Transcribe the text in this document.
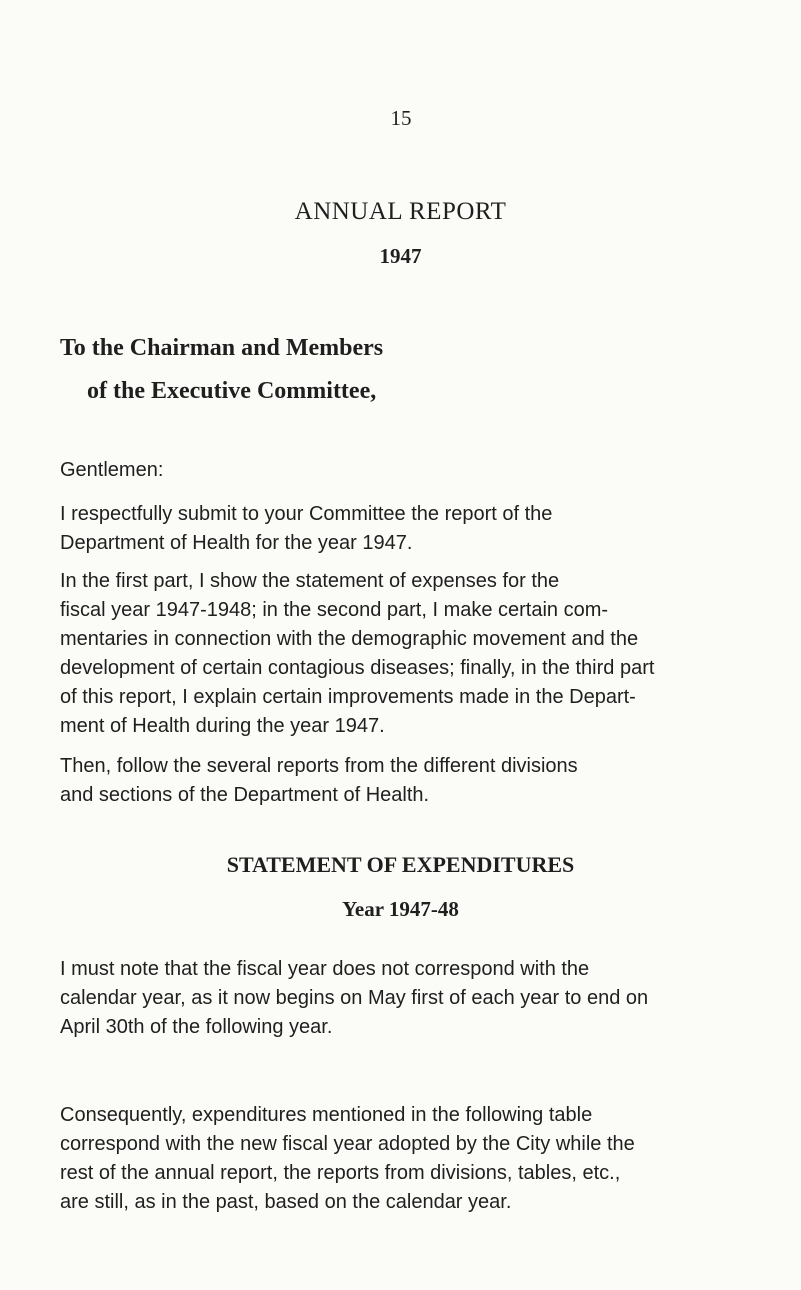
15
ANNUAL REPORT
1947
To the Chairman and Members
of the Executive Committee,
Gentlemen:

I respectfully submit to your Committee the report of the
Department of Health for the year 1947.

In the first part, I show the statement of expenses for the
fiscal year 1947-1948; in the second part, I make certain com-
mentaries in connection with the demographic movement and the
development of certain contagious diseases; finally, in the third part
of this report, I explain certain improvements made in the Depart-
ment of Health during the year 1947.

Then, follow the several reports from the different divisions
and sections of the Department of Health.

STATEMENT OF EXPENDITURES
Year 1947-48

I must note that the fiscal year does not correspond with the
calendar year, as it now begins on May first of each year to end on
April 30th of the following year.

Consequently, expenditures mentioned in the following table
correspond with the new fiscal year adopted by the City while the
rest of the annual report, the reports from divisions, tables, etc.,
are still, as in the past, based on the calendar year.
